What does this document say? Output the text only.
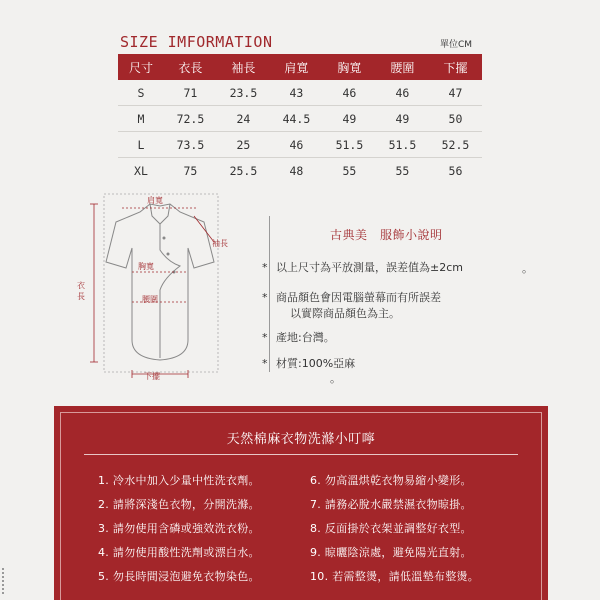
SIZE IMFORMATION	單位CM
尺寸	衣長	袖長	肩寬	胸寬	腰圍	下擺
S	71	23.5	43	46	46	47
M	72.5	24	44.5	49	49	50
L	73.5	25	46	51.5	51.5	52.5
XL	75	25.5	48	55	55	56
肩寬
袖長
胸寬
腰圍
衣長
下擺
古典美　服飾小說明
* 以上尺寸為平放測量，誤差值為±2cm	。
* 商品顏色會因電腦螢幕而有所誤差
以實際商品顏色為主。
* 產地:台灣。
* 材質:100%亞麻
。
天然棉麻衣物洗滌小叮嚀
1. 冷水中加入少量中性洗衣劑。
2. 請將深淺色衣物，分開洗滌。
3. 請勿使用含磷或強效洗衣粉。
4. 請勿使用酸性洗劑或漂白水。
5. 勿長時間浸泡避免衣物染色。
6. 勿高溫烘乾衣物易縮小變形。
7. 請務必脫水嚴禁濕衣物晾掛。
8. 反面掛於衣架並調整好衣型。
9. 晾曬陰涼處，避免陽光直射。
10. 若需整燙，請低溫墊布整燙。
